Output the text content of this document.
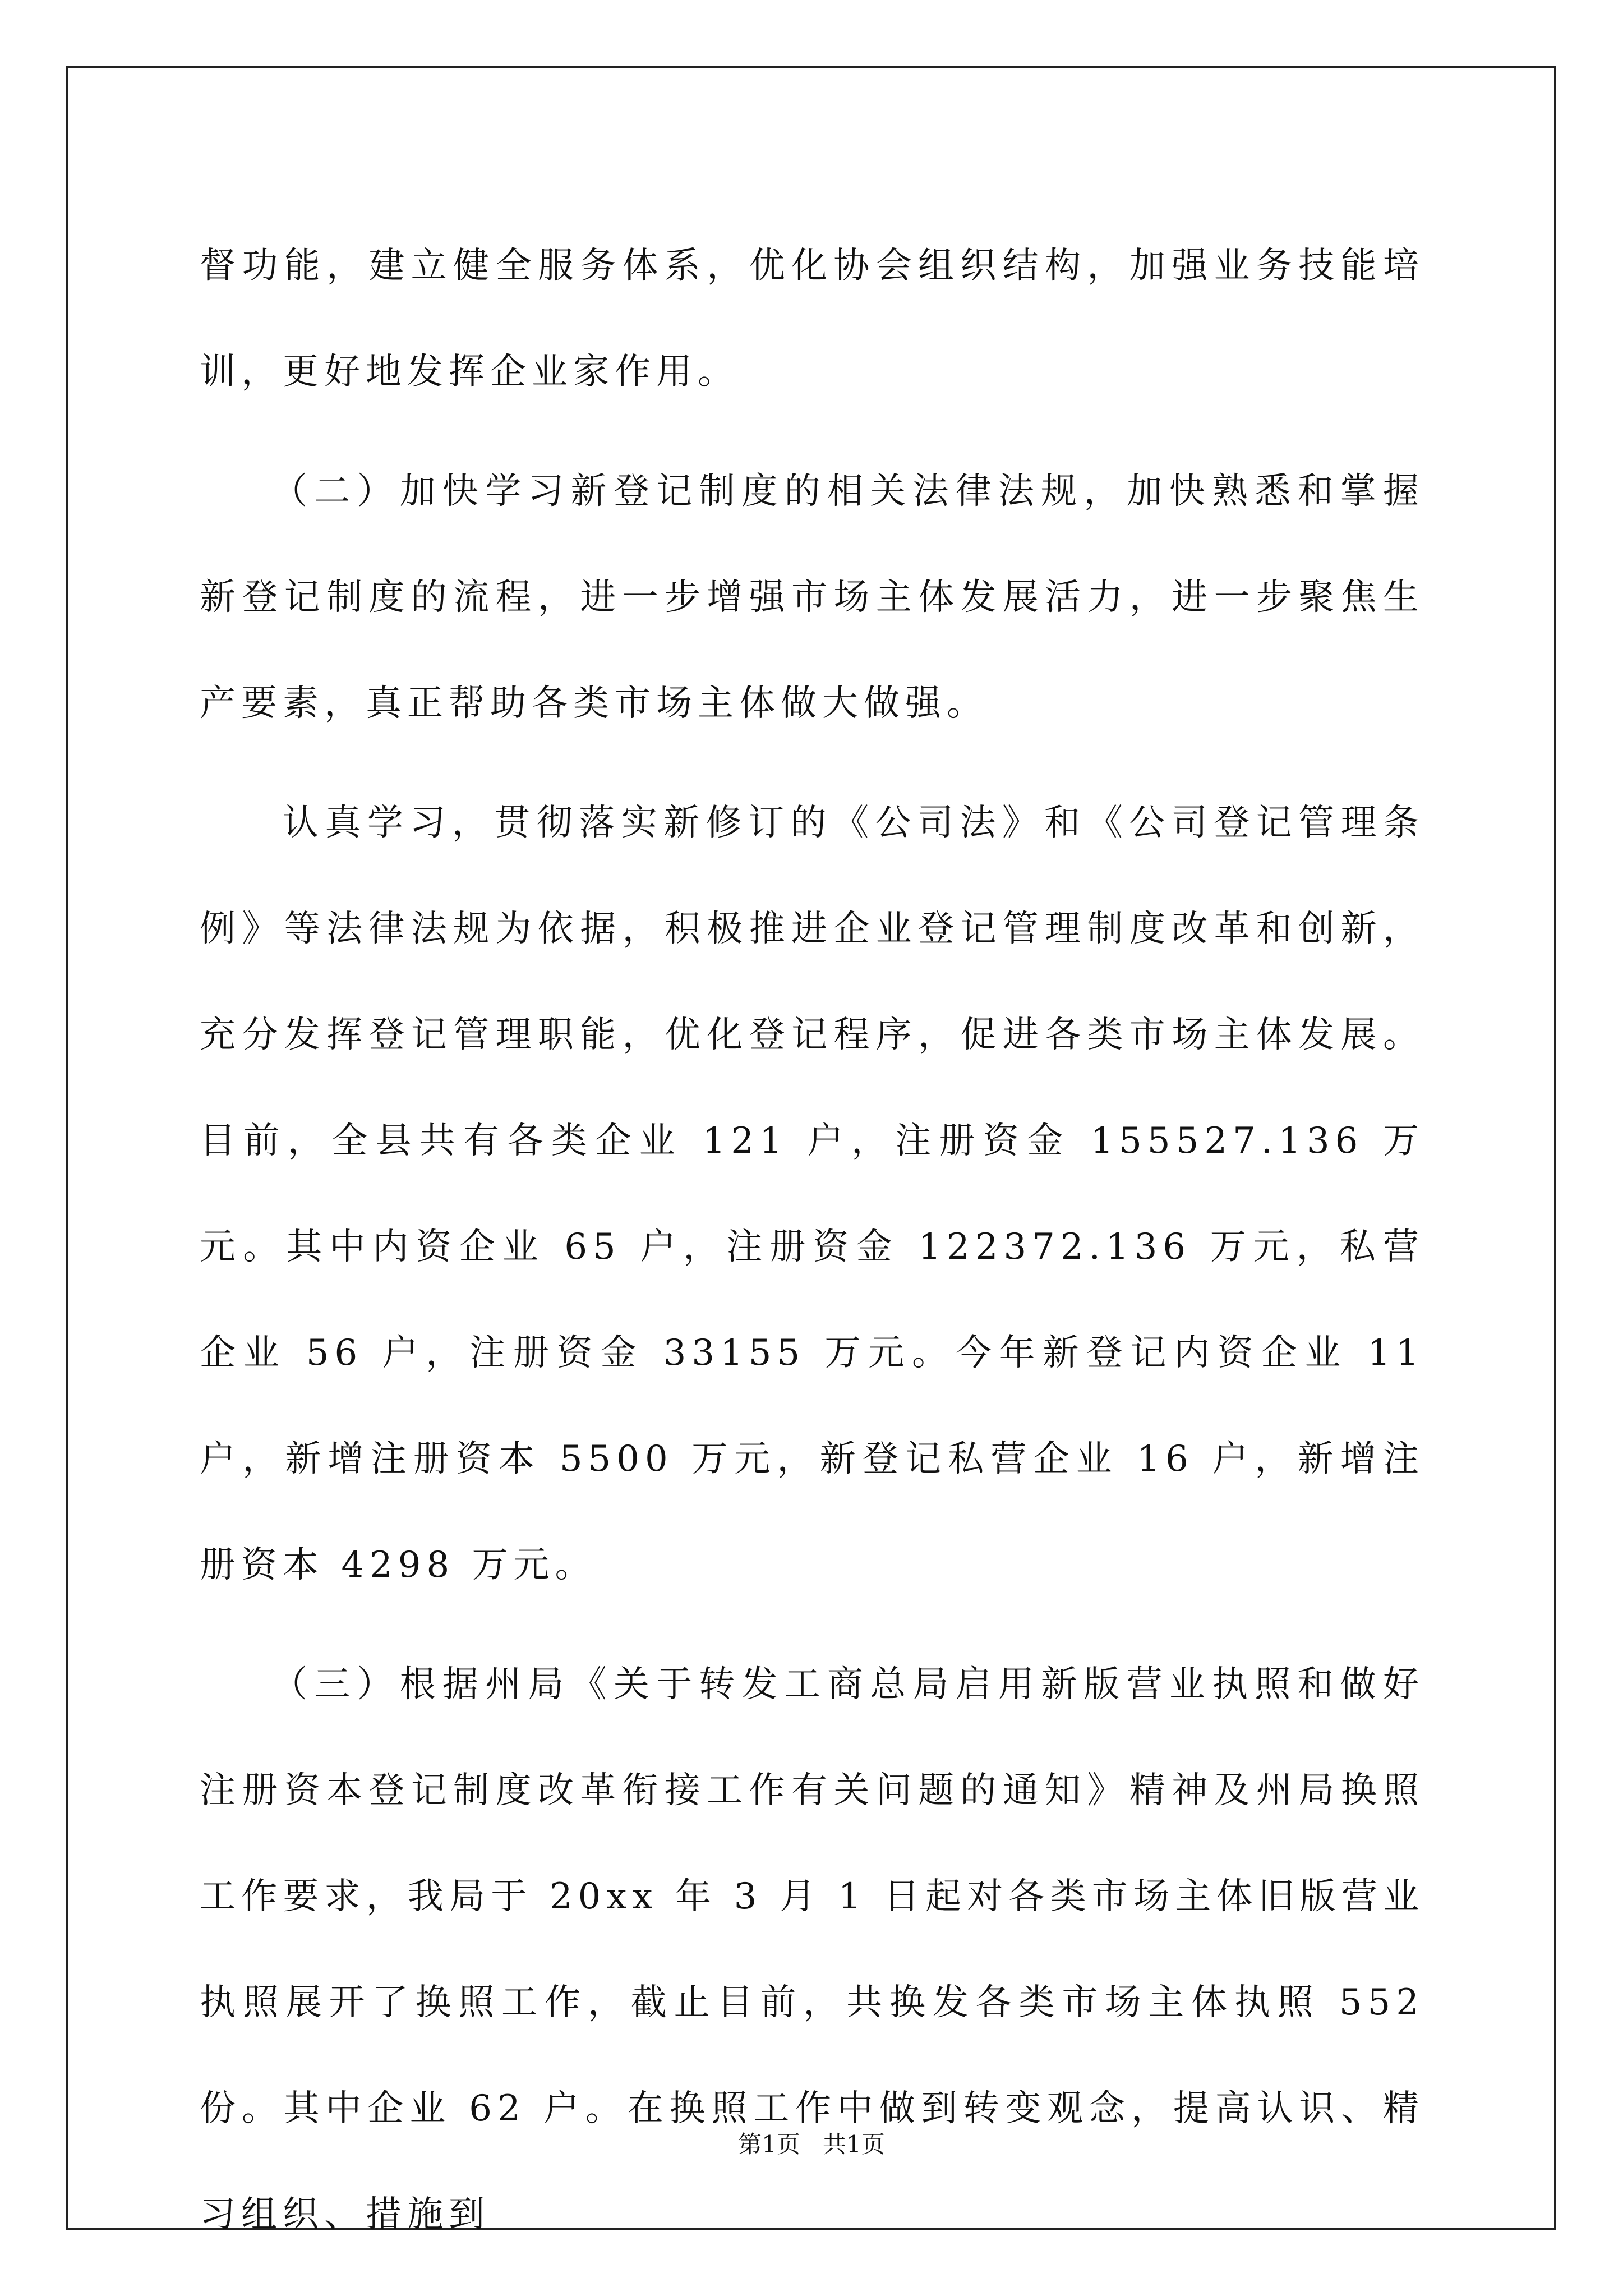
督功能，建立健全服务体系，优化协会组织结构，加强业务技能培训，更好地发挥企业家作用。

（二）加快学习新登记制度的相关法律法规，加快熟悉和掌握新登记制度的流程，进一步增强市场主体发展活力，进一步聚焦生产要素，真正帮助各类市场主体做大做强。

认真学习，贯彻落实新修订的《公司法》和《公司登记管理条例》等法律法规为依据，积极推进企业登记管理制度改革和创新，充分发挥登记管理职能，优化登记程序，促进各类市场主体发展。目前，全县共有各类企业 121 户，注册资金 155527.136 万元。其中内资企业 65 户，注册资金 122372.136 万元，私营企业 56 户，注册资金 33155 万元。今年新登记内资企业 11 户，新增注册资本 5500 万元，新登记私营企业 16 户，新增注册资本 4298 万元。

（三）根据州局《关于转发工商总局启用新版营业执照和做好注册资本登记制度改革衔接工作有关问题的通知》精神及州局换照工作要求，我局于 20xx 年 3 月 1 日起对各类市场主体旧版营业执照展开了换照工作，截止目前，共换发各类市场主体执照 552 份。其中企业 62 户。在换照工作中做到转变观念，提高认识、精习组织、措施到

第1页   共1页
